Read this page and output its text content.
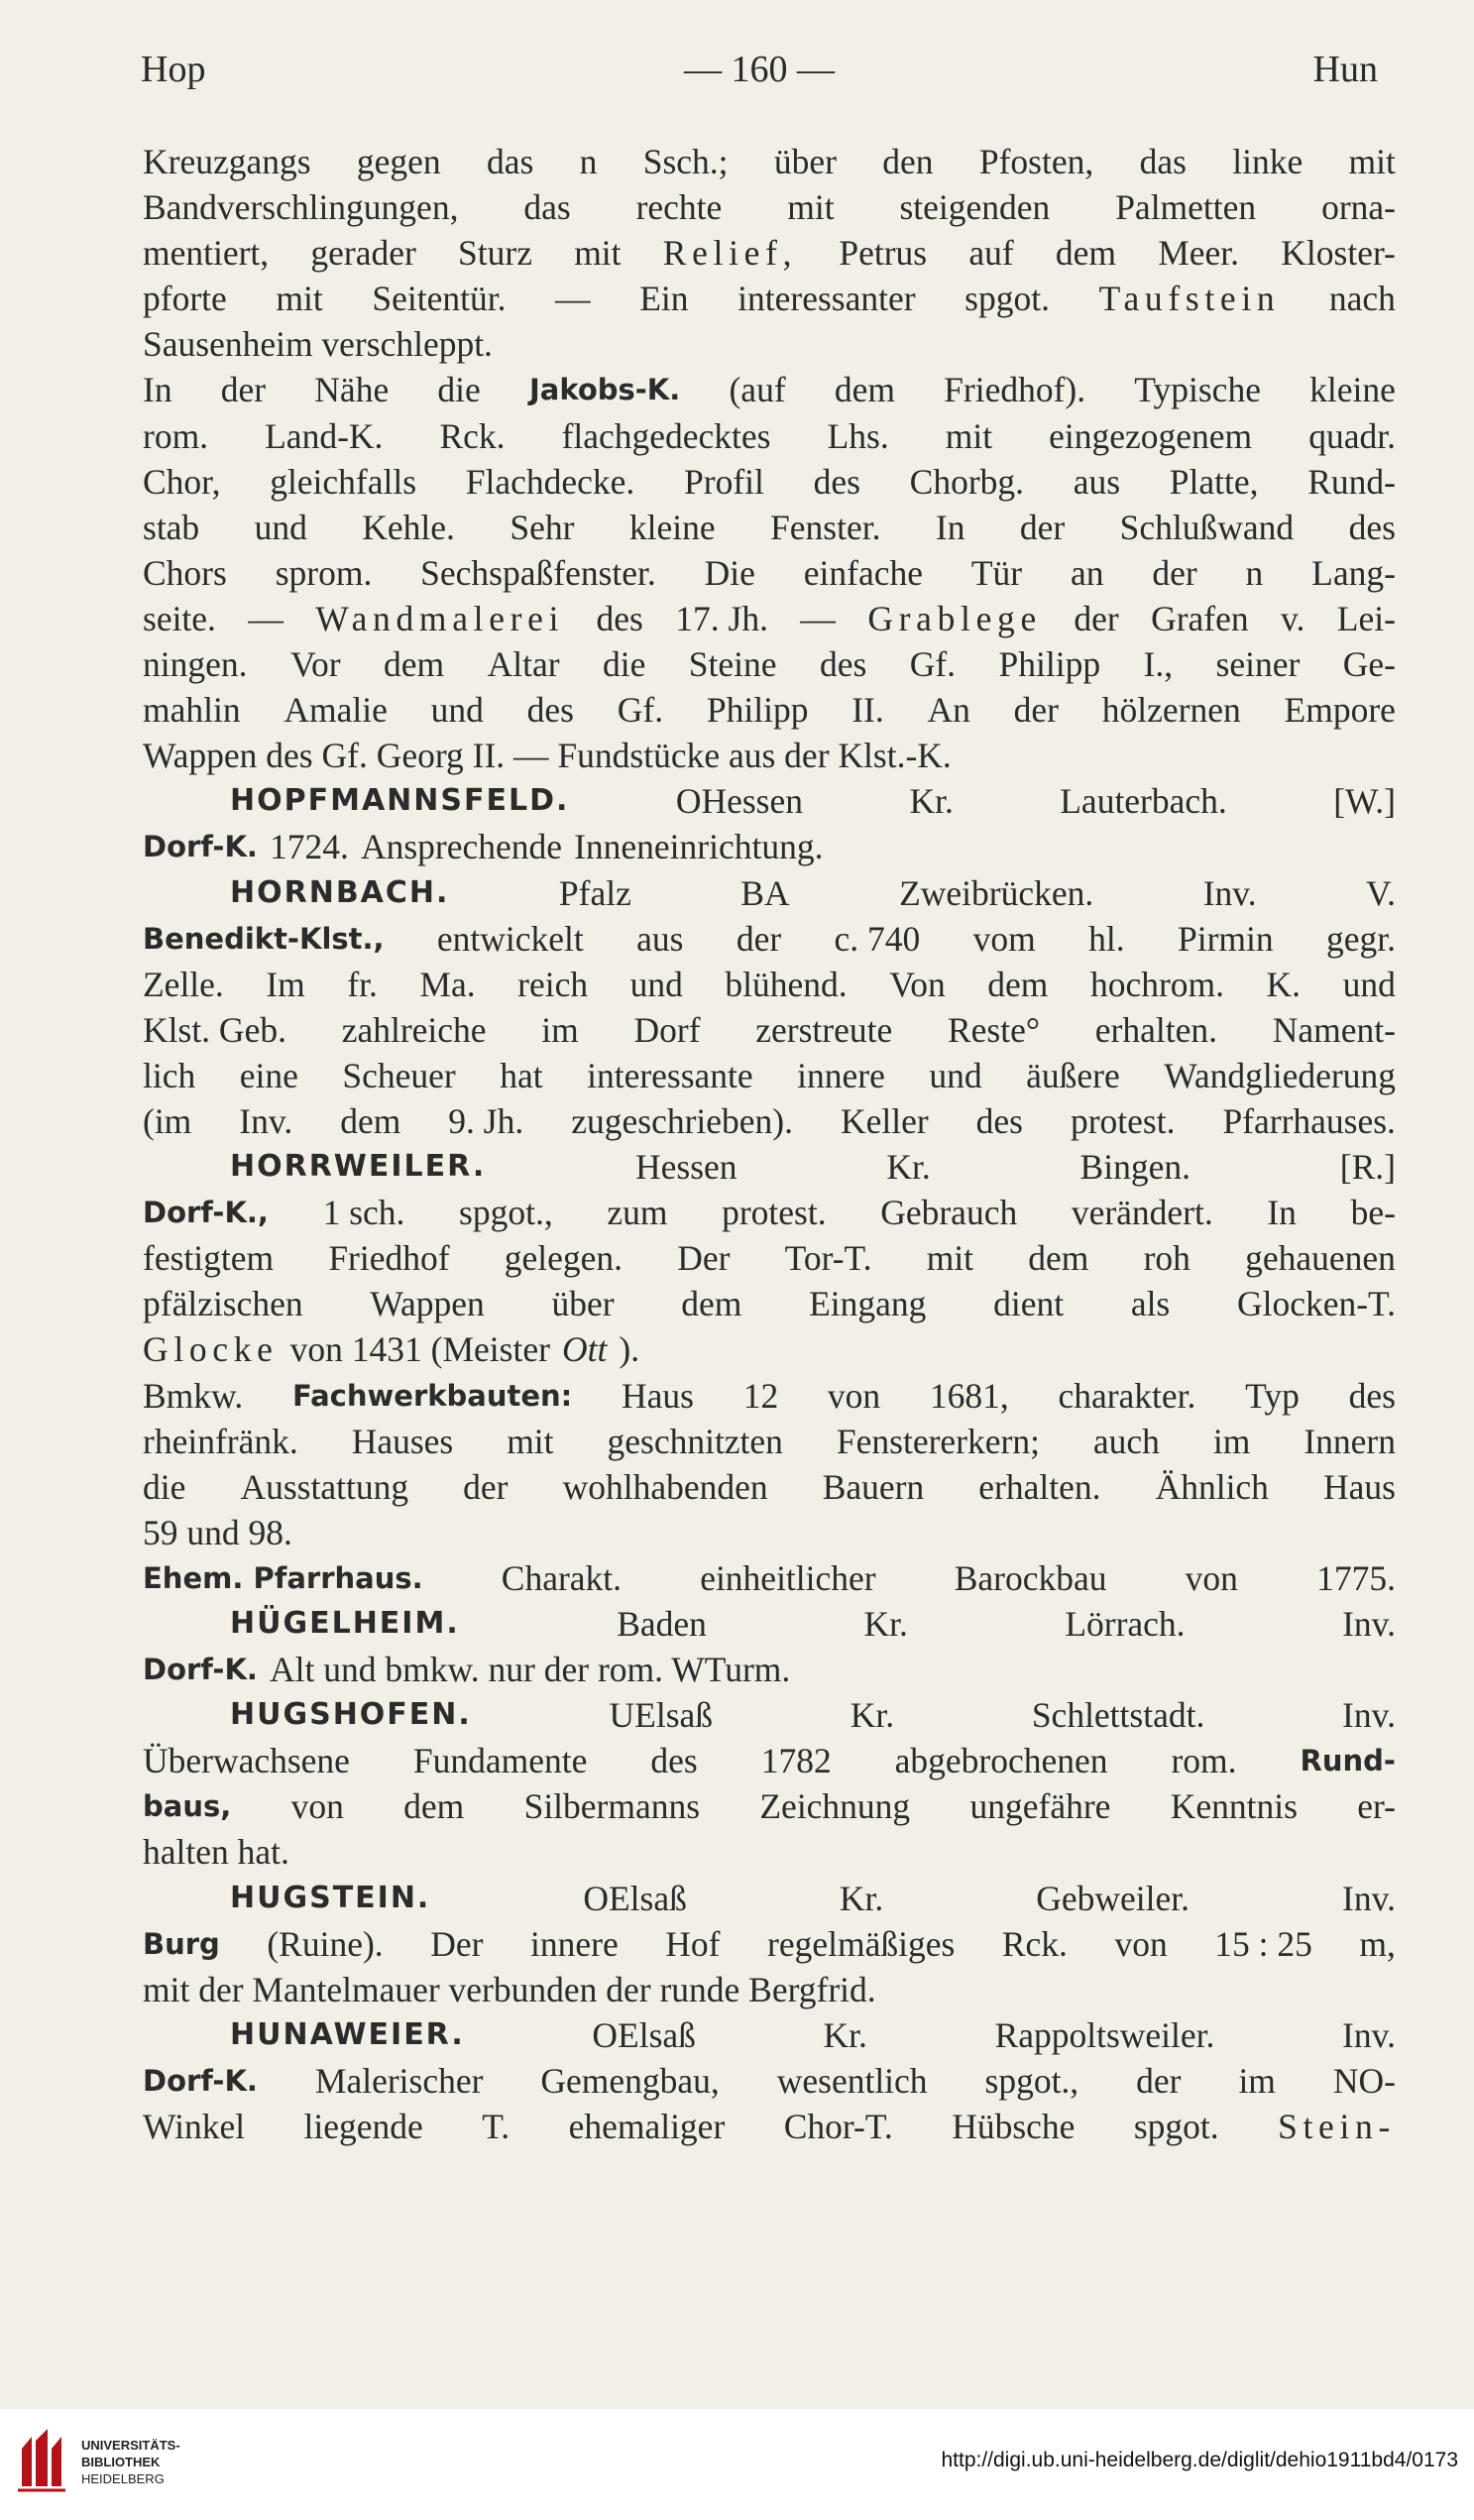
Hop	— 160 —	Hun
Kreuzgangs gegen das n Ssch.; über den Pfosten, das linke mit
Bandverschlingungen, das rechte mit steigenden Palmetten orna-
mentiert, gerader Sturz mit Relief, Petrus auf dem Meer. Kloster-
pforte mit Seitentür. — Ein interessanter spgot. Taufstein nach
Sausenheim verschleppt.
In der Nähe die Jakobs-K. (auf dem Friedhof). Typische kleine
rom. Land-K. Rck. flachgedecktes Lhs. mit eingezogenem quadr.
Chor, gleichfalls Flachdecke. Profil des Chorbg. aus Platte, Rund-
stab und Kehle. Sehr kleine Fenster. In der Schlußwand des
Chors sprom. Sechspaßfenster. Die einfache Tür an der n Lang-
seite. — Wandmalerei des 17. Jh. — Grablege der Grafen v. Lei-
ningen. Vor dem Altar die Steine des Gf. Philipp I., seiner Ge-
mahlin Amalie und des Gf. Philipp II. An der hölzernen Empore
Wappen des Gf. Georg II. — Fundstücke aus der Klst.-K.
HOPFMANNSFELD.	OHessen	Kr.	Lauterbach.	[W.]
Dorf-K. 1724. Ansprechende Inneneinrichtung.
HORNBACH.	Pfalz	BA	Zweibrücken.	Inv.	V.
Benedikt-Klst., entwickelt aus der c. 740 vom hl. Pirmin gegr.
Zelle. Im fr. Ma. reich und blühend. Von dem hochrom. K. und
Klst. Geb. zahlreiche im Dorf zerstreute Reste° erhalten. Nament-
lich eine Scheuer hat interessante innere und äußere Wandgliederung
(im Inv. dem 9. Jh. zugeschrieben). Keller des protest. Pfarrhauses.
HORRWEILER.	Hessen	Kr.	Bingen.	[R.]
Dorf-K., 1 sch. spgot., zum protest. Gebrauch verändert. In be-
festigtem Friedhof gelegen. Der Tor-T. mit dem roh gehauenen
pfälzischen Wappen über dem Eingang dient als Glocken-T.
Glocke von 1431 (Meister Ott ).
Bmkw. Fachwerkbauten: Haus 12 von 1681, charakter. Typ des
rheinfränk. Hauses mit geschnitzten Fenstererkern; auch im Innern
die Ausstattung der wohlhabenden Bauern erhalten. Ähnlich Haus
59 und 98.
Ehem. Pfarrhaus. Charakt. einheitlicher Barockbau von 1775.
HÜGELHEIM.	Baden	Kr.	Lörrach.	Inv.
Dorf-K. Alt und bmkw. nur der rom. WTurm.
HUGSHOFEN.	UElsaß	Kr.	Schlettstadt.	Inv.
Überwachsene Fundamente des 1782 abgebrochenen rom. Rund-
baus, von dem Silbermanns Zeichnung ungefähre Kenntnis er-
halten hat.
HUGSTEIN.	OElsaß	Kr.	Gebweiler.	Inv.
Burg (Ruine). Der innere Hof regelmäßiges Rck. von 15 : 25 m,
mit der Mantelmauer verbunden der runde Bergfrid.
HUNAWEIER.	OElsaß	Kr.	Rappoltsweiler.	Inv.
Dorf-K. Malerischer Gemengbau, wesentlich spgot., der im NO-
Winkel liegende T. ehemaliger Chor-T. Hübsche spgot. Stein-
UNIVERSITÄTS-
BIBLIOTHEK
HEIDELBERG
http://digi.ub.uni-heidelberg.de/diglit/dehio1911bd4/0173
